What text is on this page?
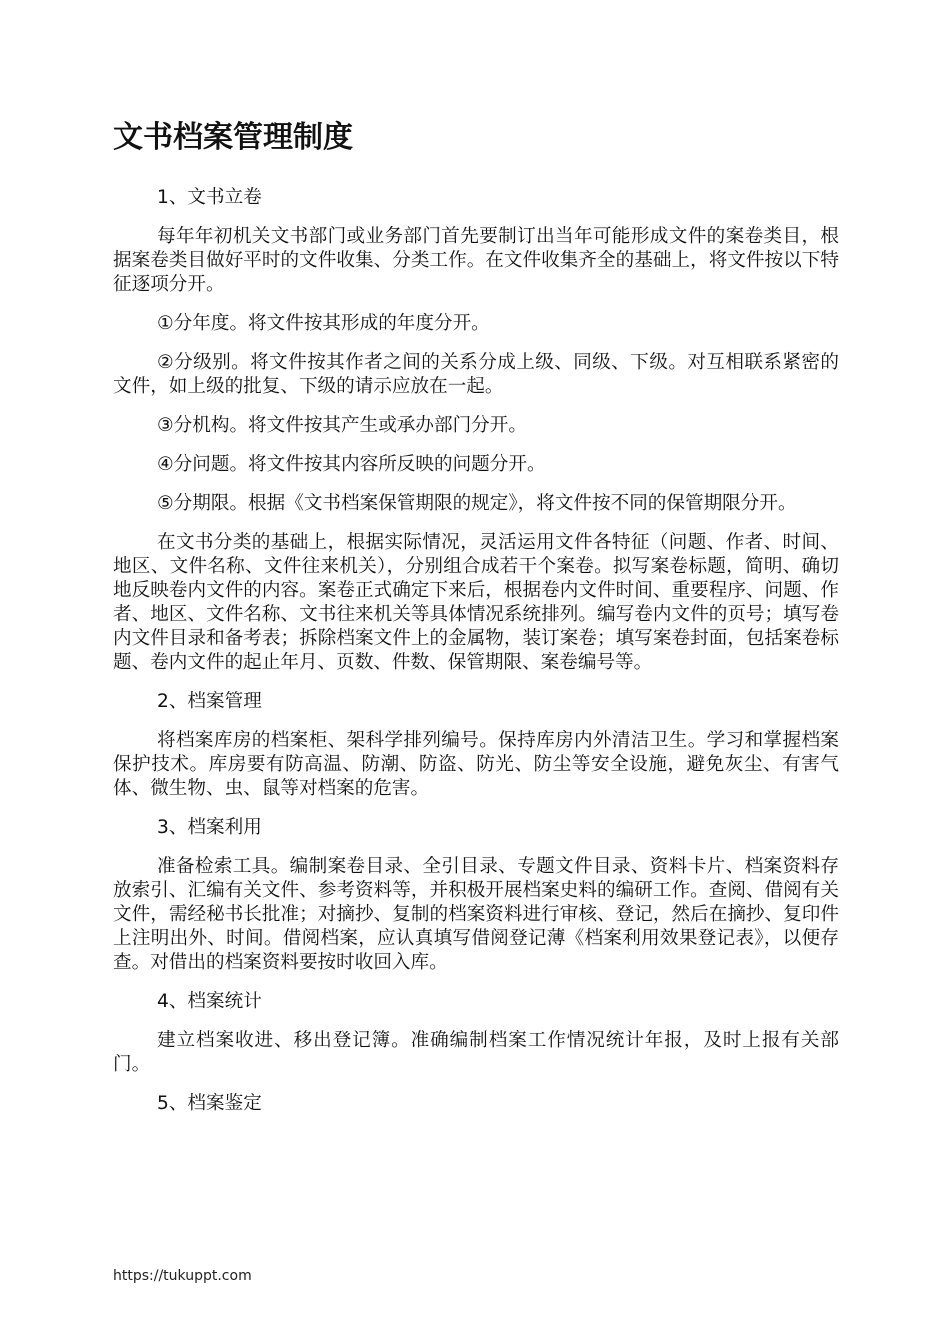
文书档案管理制度

1、文书立卷

每年年初机关文书部门或业务部门首先要制订出当年可能形成文件的案卷类目，根据案卷类目做好平时的文件收集、分类工作。在文件收集齐全的基础上，将文件按以下特征逐项分开。

①分年度。将文件按其形成的年度分开。

②分级别。将文件按其作者之间的关系分成上级、同级、下级。对互相联系紧密的文件，如上级的批复、下级的请示应放在一起。

③分机构。将文件按其产生或承办部门分开。

④分问题。将文件按其内容所反映的问题分开。

⑤分期限。根据《文书档案保管期限的规定》，将文件按不同的保管期限分开。

在文书分类的基础上，根据实际情况，灵活运用文件各特征（问题、作者、时间、地区、文件名称、文件往来机关），分别组合成若干个案卷。拟写案卷标题，简明、确切地反映卷内文件的内容。案卷正式确定下来后，根据卷内文件时间、重要程序、问题、作者、地区、文件名称、文书往来机关等具体情况系统排列。编写卷内文件的页号；填写卷内文件目录和备考表；拆除档案文件上的金属物，装订案卷；填写案卷封面，包括案卷标题、卷内文件的起止年月、页数、件数、保管期限、案卷编号等。

2、档案管理

将档案库房的档案柜、架科学排列编号。保持库房内外清洁卫生。学习和掌握档案保护技术。库房要有防高温、防潮、防盗、防光、防尘等安全设施，避免灰尘、有害气体、微生物、虫、鼠等对档案的危害。

3、档案利用

准备检索工具。编制案卷目录、全引目录、专题文件目录、资料卡片、档案资料存放索引、汇编有关文件、参考资料等，并积极开展档案史料的编研工作。查阅、借阅有关文件，需经秘书长批准；对摘抄、复制的档案资料进行审核、登记，然后在摘抄、复印件上注明出外、时间。借阅档案，应认真填写借阅登记薄《档案利用效果登记表》，以便存查。对借出的档案资料要按时收回入库。

4、档案统计

建立档案收进、移出登记簿。准确编制档案工作情况统计年报，及时上报有关部门。

5、档案鉴定

https://tukuppt.com
